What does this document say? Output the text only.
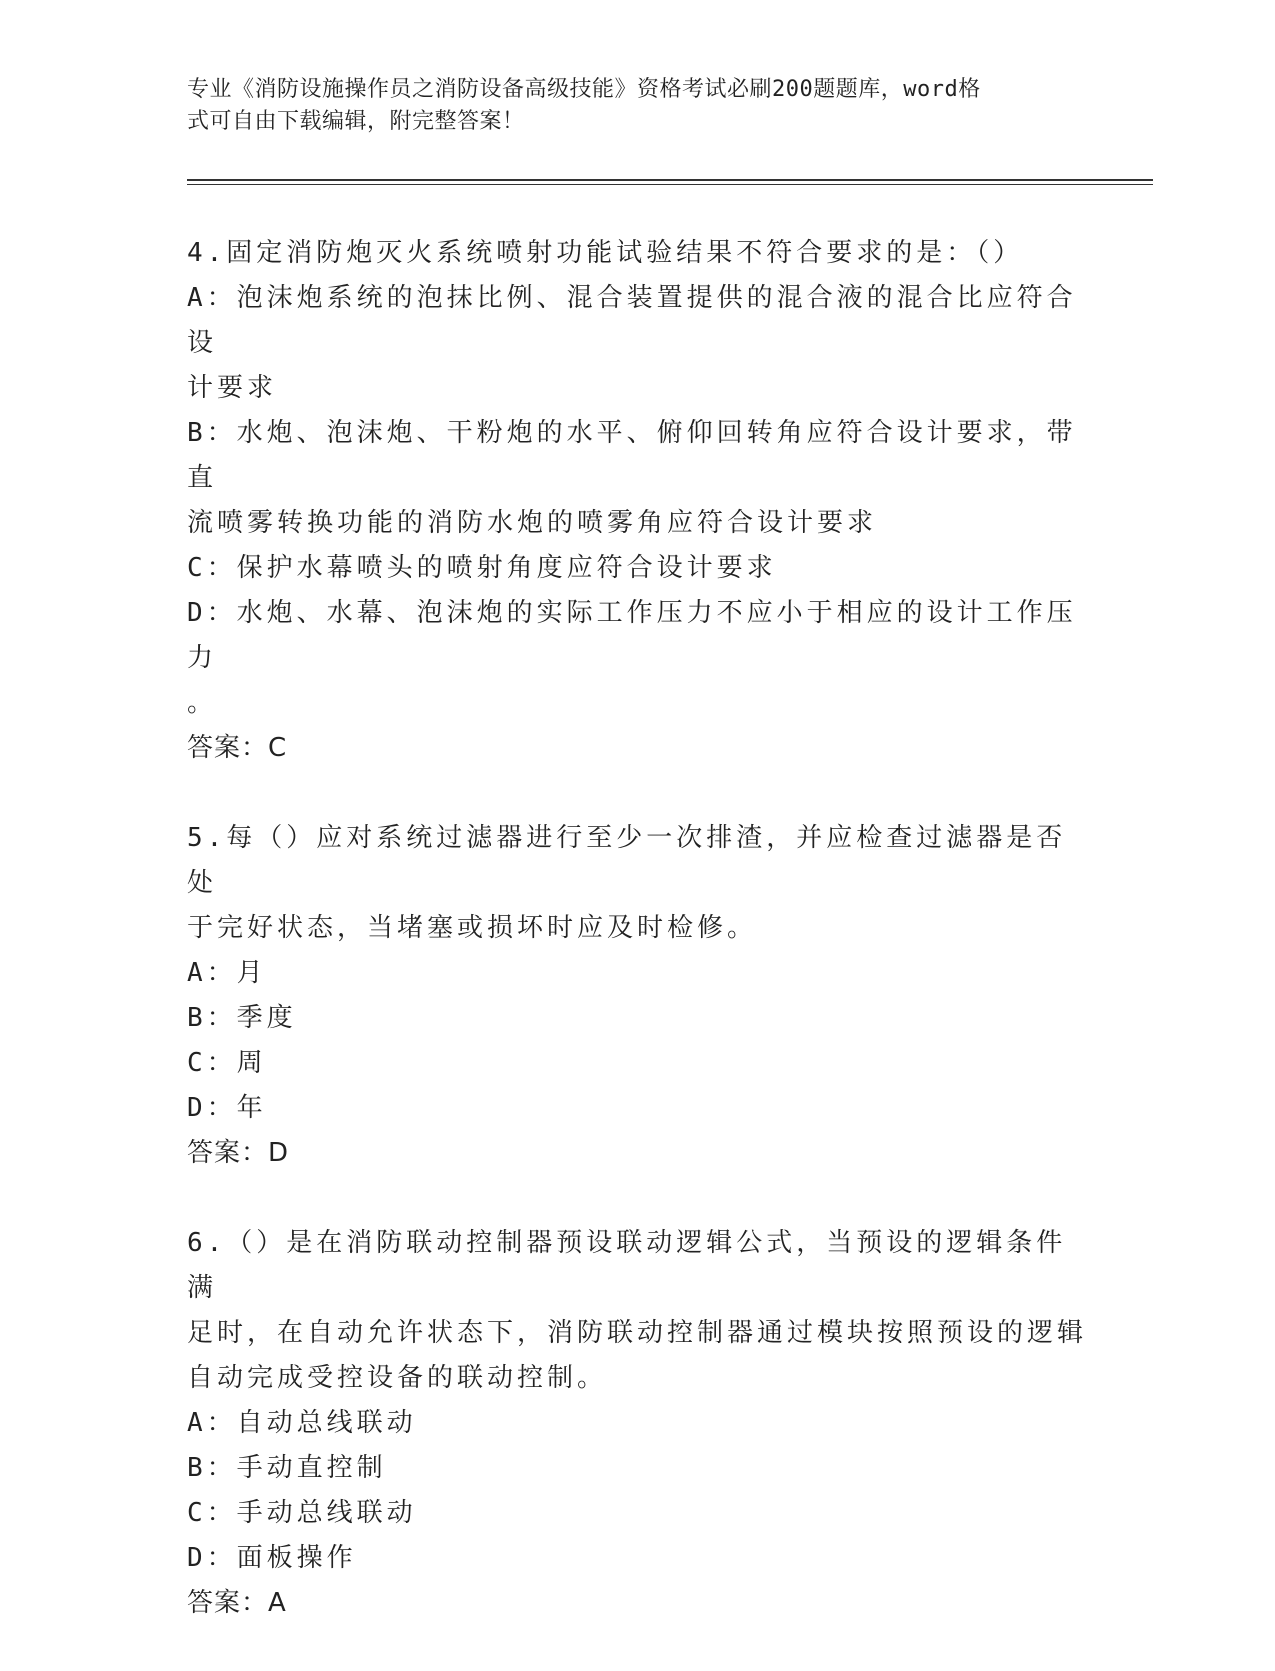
专业《消防设施操作员之消防设备高级技能》资格考试必刷200题题库，word格
式可自由下载编辑，附完整答案！
4.固定消防炮灭火系统喷射功能试验结果不符合要求的是：（）
A：泡沫炮系统的泡抹比例、混合装置提供的混合液的混合比应符合设
计要求
B：水炮、泡沫炮、干粉炮的水平、俯仰回转角应符合设计要求，带直
流喷雾转换功能的消防水炮的喷雾角应符合设计要求
C：保护水幕喷头的喷射角度应符合设计要求
D：水炮、水幕、泡沫炮的实际工作压力不应小于相应的设计工作压力
。
答案：C
5.每（）应对系统过滤器进行至少一次排渣，并应检查过滤器是否处
于完好状态，当堵塞或损坏时应及时检修。
A：月
B：季度
C：周
D：年
答案：D
6.（）是在消防联动控制器预设联动逻辑公式，当预设的逻辑条件满
足时，在自动允许状态下，消防联动控制器通过模块按照预设的逻辑
自动完成受控设备的联动控制。
A：自动总线联动
B：手动直控制
C：手动总线联动
D：面板操作
答案：A
